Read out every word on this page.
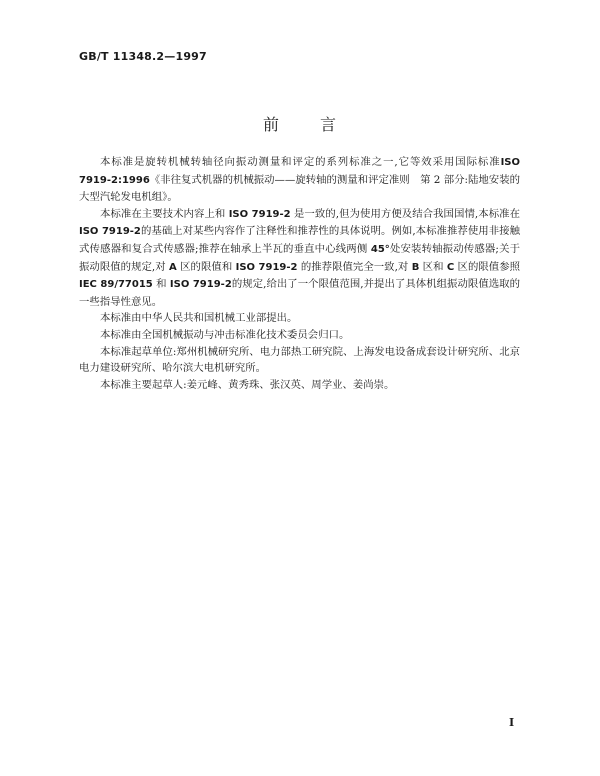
GB/T 11348.2—1997
前	言

本标准是旋转机械转轴径向振动测量和评定的系列标准之一,它等效采用国际标准ISO 7919-2:1996《非往复式机器的机械振动——旋转轴的测量和评定准则　第 2 部分:陆地安装的大型汽轮发电机组》。

本标准在主要技术内容上和 ISO 7919-2 是一致的,但为使用方便及结合我国国情,本标准在ISO 7919-2的基础上对某些内容作了注释性和推荐性的具体说明。例如,本标准推荐使用非接触式传感器和复合式传感器;推荐在轴承上半瓦的垂直中心线两侧 45°处安装转轴振动传感器;关于振动限值的规定,对 A 区的限值和 ISO 7919-2 的推荐限值完全一致,对 B 区和 C 区的限值参照 IEC 89/77015 和 ISO 7919-2的规定,给出了一个限值范围,并提出了具体机组振动限值选取的一些指导性意见。

本标准由中华人民共和国机械工业部提出。

本标准由全国机械振动与冲击标准化技术委员会归口。

本标准起草单位:郑州机械研究所、电力部热工研究院、上海发电设备成套设计研究所、北京电力建设研究所、哈尔滨大电机研究所。

本标准主要起草人:姜元峰、黄秀珠、张汉英、周学业、姜尚崇。

I
